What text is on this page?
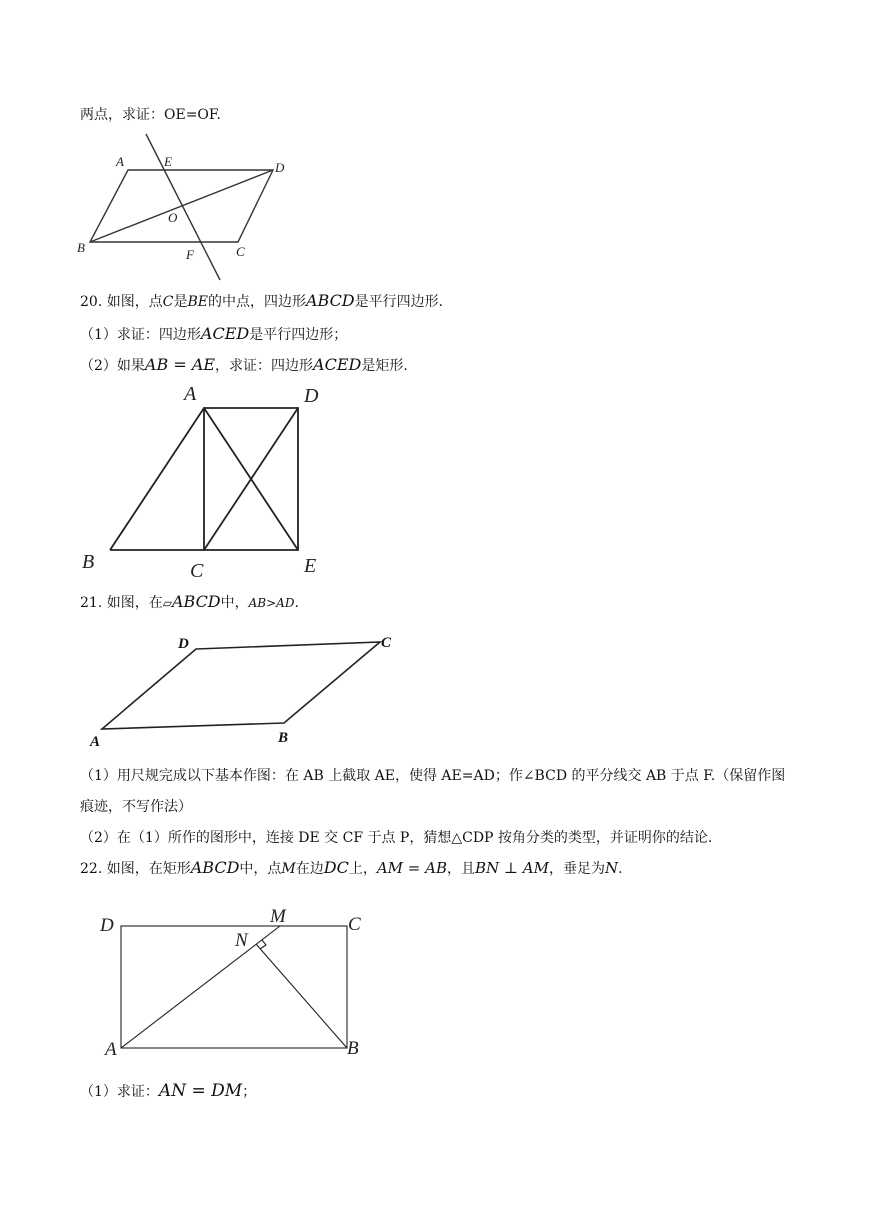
两点，求证：OE=OF.
A	E	D
O
B	F	C
20. 如图，点C是BE的中点，四边形ABCD是平行四边形.
（1）求证：四边形ACED是平行四边形；
（2）如果AB = AE，求证：四边形ACED是矩形.
A	D
B	C	E
21. 如图，在▱ABCD中，AB>AD.
D	C
A	B
（1）用尺规完成以下基本作图：在 AB 上截取 AE，使得 AE=AD；作∠BCD 的平分线交 AB 于点 F.（保留作图
痕迹，不写作法）
（2）在（1）所作的图形中，连接 DE 交 CF 于点 P，猜想△CDP 按角分类的类型，并证明你的结论.
22. 如图，在矩形ABCD中，点M在边DC上，AM = AB，且BN ⊥ AM，垂足为N.
D	M	C
N
A	B
（1）求证：AN = DM；
